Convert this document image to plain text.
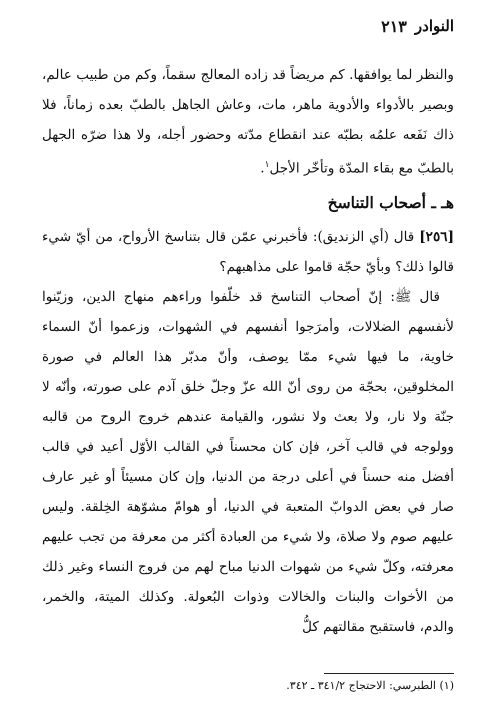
النوادر
٢١٣

والنظر لما يوافقها. كم مريضاً قد زاده المعالج سقماً، وكم من طبيب عالم، وبصير بالأدواء والأدوية ماهر، مات، وعاش الجاهل بالطبّ بعده زماناً، فلا ذاك نَفَعه علمُه بطبّه عند انقطاع مدّته وحضور أجله، ولا هذا ضرّه الجهل بالطبّ مع بقاء المدّة وتأخّر الأجل$^١$.

هـ ـ أصحاب التناسخ

[٢٥٦] قال (أي الزنديق): فأخبرني عمّن قال بتناسخ الأرواح، من أيّ شيء قالوا ذلك؟ وبأيّ حجّة قاموا على مذاهبهم؟

قال ﷺ: إنّ أصحاب التناسخ قد خلّفوا وراءهم منهاج الدين، وزيّنوا لأنفسهم الضلالات، وأمرَجوا أنفسهم في الشهوات، وزعموا أنّ السماء خاوية، ما فيها شيء ممّا يوصف، وأنّ مدبّر هذا العالم في صورة المخلوقين، بحجّة من روى أنّ الله عزّ وجلّ خلق آدم على صورته، وأنّه لا جنّة ولا نار، ولا بعث ولا نشور، والقيامة عندهم خروج الروح من قالبه وولوجه في قالب آخر، فإن كان محسناً في القالب الأوّل أعيد في قالب أفضل منه حسناً في أعلى درجة من الدنيا، وإن كان مسيئاً أو غير عارف صار في بعض الدوابّ المتعبة في الدنيا، أو هوامّ مشوّهة الخِلقة. وليس عليهم صوم ولا صلاة، ولا شيء من العبادة أكثر من معرفة من تجب عليهم معرفته، وكلّ شيء من شهوات الدنيا مباح لهم من فروج النساء وغير ذلك من الأخوات والبنات والخالات وذوات البُعولة. وكذلك الميتة، والخمر، والدم، فاستقبح مقالتهم كلُّ

(١) الطبرسي: الاحتجاج ٣٤١/٢ ـ ٣٤٢.
